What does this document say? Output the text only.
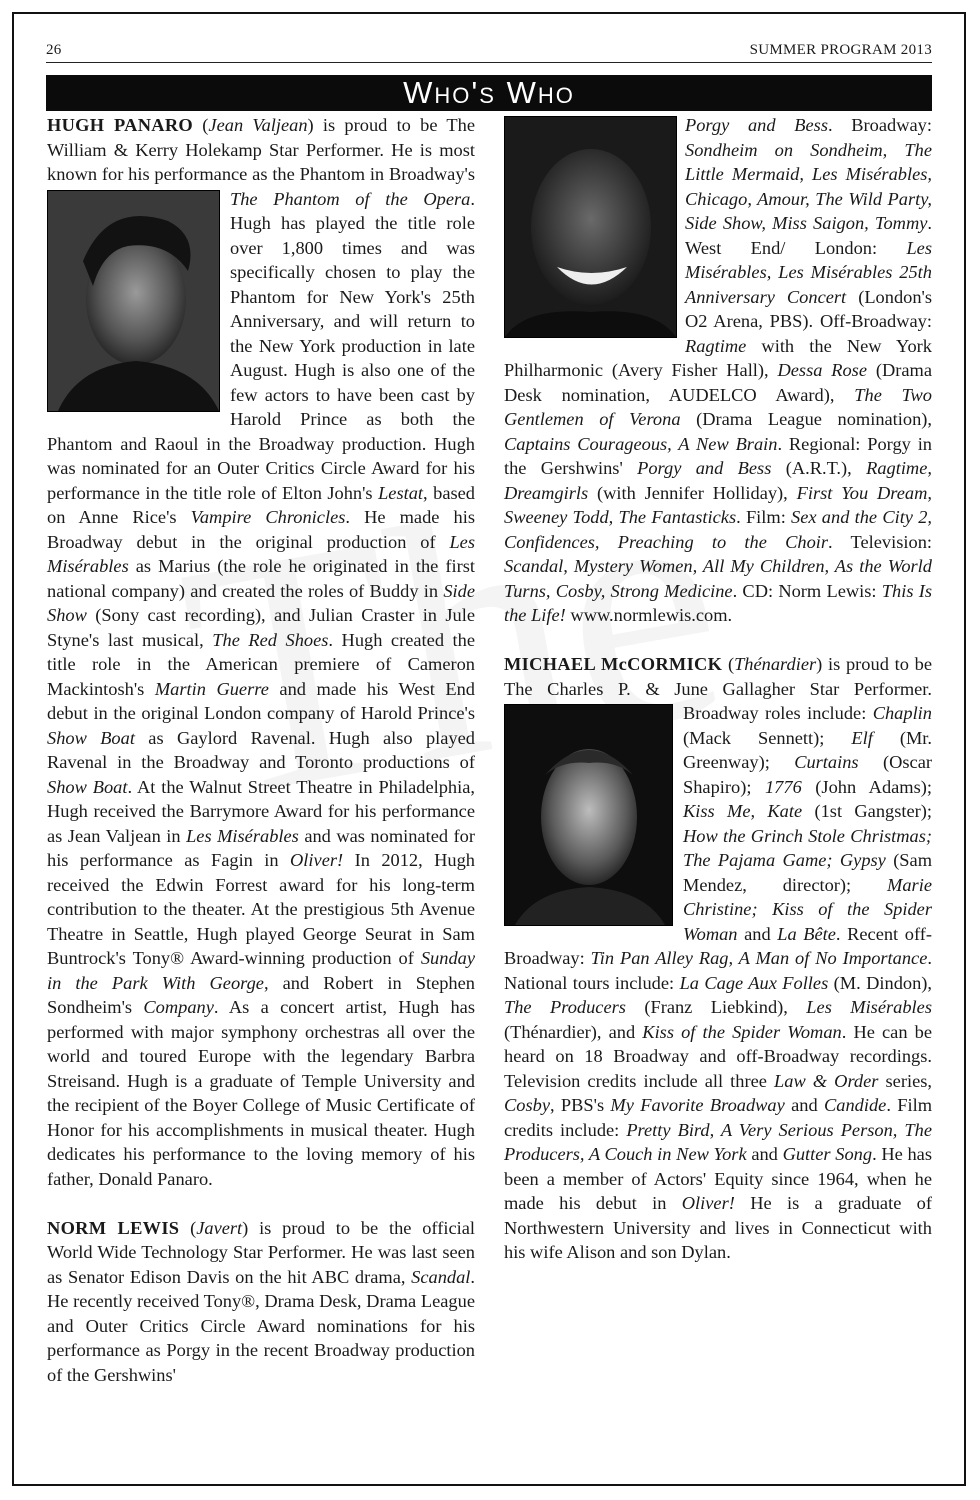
26	SUMMER PROGRAM 2013
Who's Who

HUGH PANARO (Jean Valjean) is proud to be The William & Kerry Holekamp Star Performer. He is most known for his performance as the Phantom in Broadway's
The Phantom of the Opera. Hugh has played the title role over 1,800 times and was specifically chosen to play the Phantom for New York's 25th Anniversary, and will return to the New York production in late August. Hugh is also one of the few actors to have been cast by Harold Prince as both the Phantom and Raoul in the Broadway production. Hugh was nominated for an Outer Critics Circle Award for his performance in the title role of Elton John's Lestat, based on Anne Rice's Vampire Chronicles. He made his Broadway debut in the original production of Les Misérables as Marius (the role he originated in the first national company) and created the roles of Buddy in Side Show (Sony cast recording), and Julian Craster in Jule Styne's last musical, The Red Shoes. Hugh created the title role in the American premiere of Cameron Mackintosh's Martin Guerre and made his West End debut in the original London company of Harold Prince's Show Boat as Gaylord Ravenal. Hugh also played Ravenal in the Broadway and Toronto productions of Show Boat. At the Walnut Street Theatre in Philadelphia, Hugh received the Barrymore Award for his performance as Jean Valjean in Les Misérables and was nominated for his performance as Fagin in Oliver! In 2012, Hugh received the Edwin Forrest award for his long-term contribution to the theater. At the prestigious 5th Avenue Theatre in Seattle, Hugh played George Seurat in Sam Buntrock's Tony® Award-winning production of Sunday in the Park With George, and Robert in Stephen Sondheim's Company. As a concert artist, Hugh has performed with major symphony orchestras all over the world and toured Europe with the legendary Barbra Streisand. Hugh is a graduate of Temple University and the recipient of the Boyer College of Music Certificate of Honor for his accomplishments in musical theater. Hugh dedicates his performance to the loving memory of his father, Donald Panaro.

NORM LEWIS (Javert) is proud to be the official World Wide Technology Star Performer. He was last seen as Senator Edison Davis on the hit ABC drama, Scandal. He recently received Tony®, Drama Desk, Drama League and Outer Critics Circle Award nominations for his performance as Porgy in the recent Broadway production of the Gershwins'

Porgy and Bess. Broadway: Sondheim on Sondheim, The Little Mermaid, Les Misérables, Chicago, Amour, The Wild Party, Side Show, Miss Saigon, Tommy. West End/ London: Les Misérables, Les Misérables 25th Anniversary Concert (London's O2 Arena, PBS). Off-Broadway: Ragtime with the New York Philharmonic (Avery Fisher Hall), Dessa Rose (Drama Desk nomination, AUDELCO Award), The Two Gentlemen of Verona (Drama League nomination), Captains Courageous, A New Brain. Regional: Porgy in the Gershwins' Porgy and Bess (A.R.T.), Ragtime, Dreamgirls (with Jennifer Holliday), First You Dream, Sweeney Todd, The Fantasticks. Film: Sex and the City 2, Confidences, Preaching to the Choir. Television: Scandal, Mystery Women, All My Children, As the World Turns, Cosby, Strong Medicine. CD: Norm Lewis: This Is the Life! www.normlewis.com.

MICHAEL McCORMICK (Thénardier) is proud to be The Charles P. & June Gallagher Star Performer. Broadway roles include:
Chaplin (Mack Sennett); Elf (Mr. Greenway); Curtains (Oscar Shapiro); 1776 (John Adams); Kiss Me, Kate (1st Gangster); How the Grinch Stole Christmas; The Pajama Game; Gypsy (Sam Mendez, director); Marie Christine; Kiss of the Spider Woman and La Bête. Recent off-Broadway: Tin Pan Alley Rag, A Man of No Importance. National tours include: La Cage Aux Folles (M. Dindon), The Producers (Franz Liebkind), Les Misérables (Thénardier), and Kiss of the Spider Woman. He can be heard on 18 Broadway and off-Broadway recordings. Television credits include all three Law & Order series, Cosby, PBS's My Favorite Broadway and Candide. Film credits include: Pretty Bird, A Very Serious Person, The Producers, A Couch in New York and Gutter Song. He has been a member of Actors' Equity since 1964, when he made his debut in Oliver! He is a graduate of Northwestern University and lives in Connecticut with his wife Alison and son Dylan.
